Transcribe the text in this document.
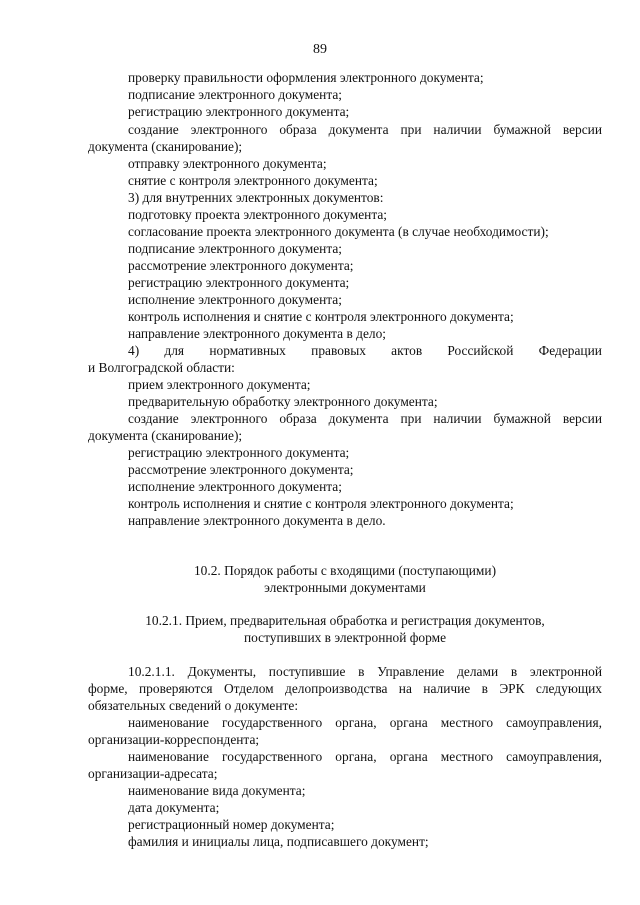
89
проверку правильности оформления электронного документа;
подписание электронного документа;
регистрацию электронного документа;
создание электронного образа документа при наличии бумажной версии
документа (сканирование);
отправку электронного документа;
снятие с контроля электронного документа;
3) для внутренних электронных документов:
подготовку проекта электронного документа;
согласование проекта электронного документа (в случае необходимости);
подписание электронного документа;
рассмотрение электронного документа;
регистрацию электронного документа;
исполнение электронного документа;
контроль исполнения и снятие с контроля электронного документа;
направление электронного документа в дело;
4) для нормативных правовых актов Российской Федерации
и Волгоградской области:
прием электронного документа;
предварительную обработку электронного документа;
создание электронного образа документа при наличии бумажной версии
документа (сканирование);
регистрацию электронного документа;
рассмотрение электронного документа;
исполнение электронного документа;
контроль исполнения и снятие с контроля электронного документа;
направление электронного документа в дело.
10.2. Порядок работы с входящими (поступающими)
электронными документами
10.2.1. Прием, предварительная обработка и регистрация документов,
поступивших в электронной форме
10.2.1.1. Документы, поступившие в Управление делами в электронной
форме, проверяются Отделом делопроизводства на наличие в ЭРК следующих
обязательных сведений о документе:
наименование государственного органа, органа местного самоуправления,
организации-корреспондента;
наименование государственного органа, органа местного самоуправления,
организации-адресата;
наименование вида документа;
дата документа;
регистрационный номер документа;
фамилия и инициалы лица, подписавшего документ;
